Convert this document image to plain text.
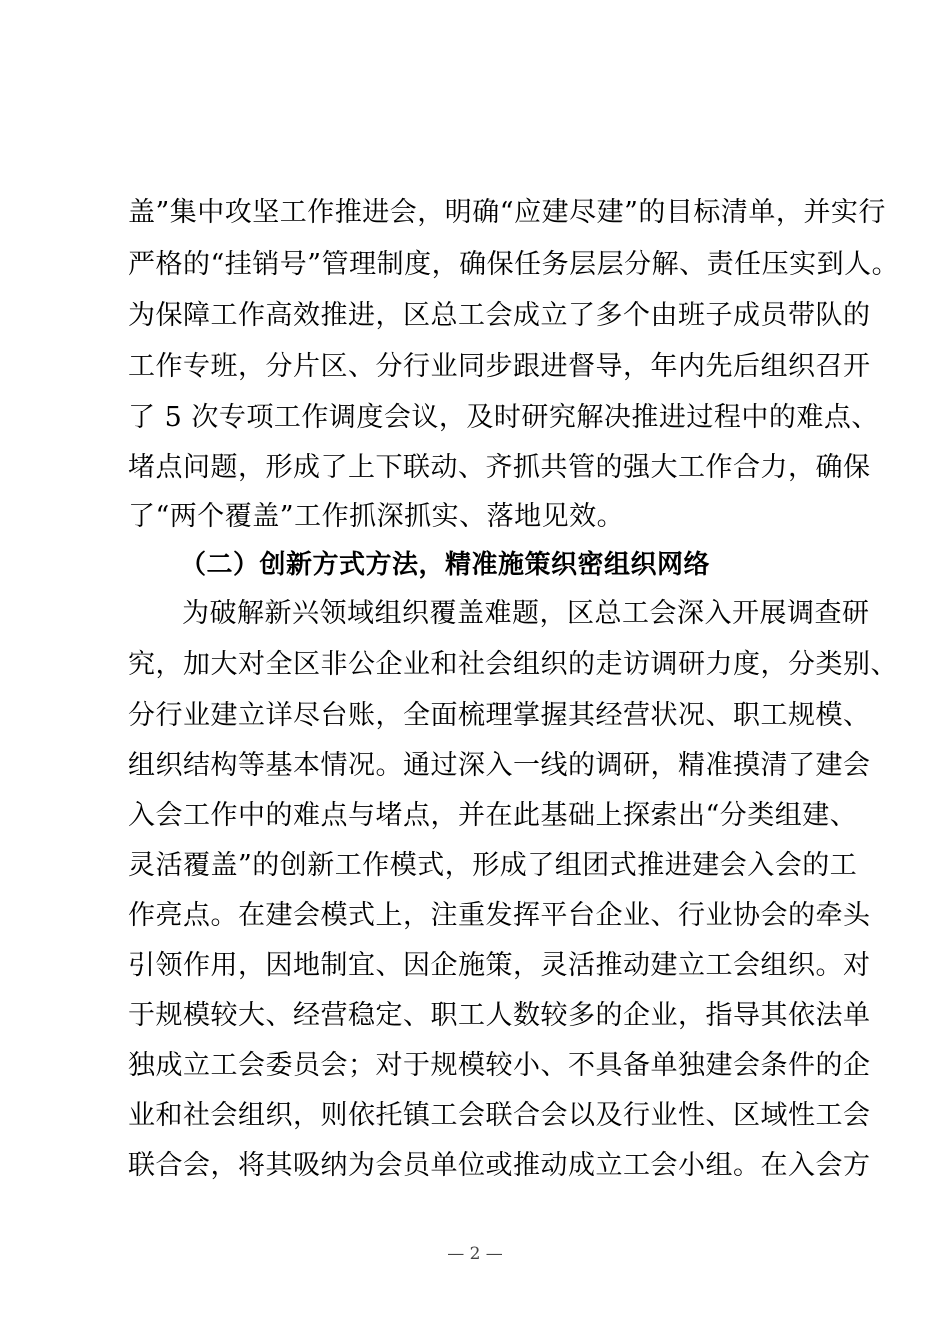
盖”集中攻坚工作推进会，明确“应建尽建”的目标清单，并实行
严格的“挂销号”管理制度，确保任务层层分解、责任压实到人。
为保障工作高效推进，区总工会成立了多个由班子成员带队的
工作专班，分片区、分行业同步跟进督导，年内先后组织召开
了 5 次专项工作调度会议，及时研究解决推进过程中的难点、
堵点问题，形成了上下联动、齐抓共管的强大工作合力，确保
了“两个覆盖”工作抓深抓实、落地见效。
（二）创新方式方法，精准施策织密组织网络
为破解新兴领域组织覆盖难题，区总工会深入开展调查研
究，加大对全区非公企业和社会组织的走访调研力度，分类别、
分行业建立详尽台账，全面梳理掌握其经营状况、职工规模、
组织结构等基本情况。通过深入一线的调研，精准摸清了建会
入会工作中的难点与堵点，并在此基础上探索出“分类组建、
灵活覆盖”的创新工作模式，形成了组团式推进建会入会的工
作亮点。在建会模式上，注重发挥平台企业、行业协会的牵头
引领作用，因地制宜、因企施策，灵活推动建立工会组织。对
于规模较大、经营稳定、职工人数较多的企业，指导其依法单
独成立工会委员会；对于规模较小、不具备单独建会条件的企
业和社会组织，则依托镇工会联合会以及行业性、区域性工会
联合会，将其吸纳为会员单位或推动成立工会小组。在入会方
— 2 —
